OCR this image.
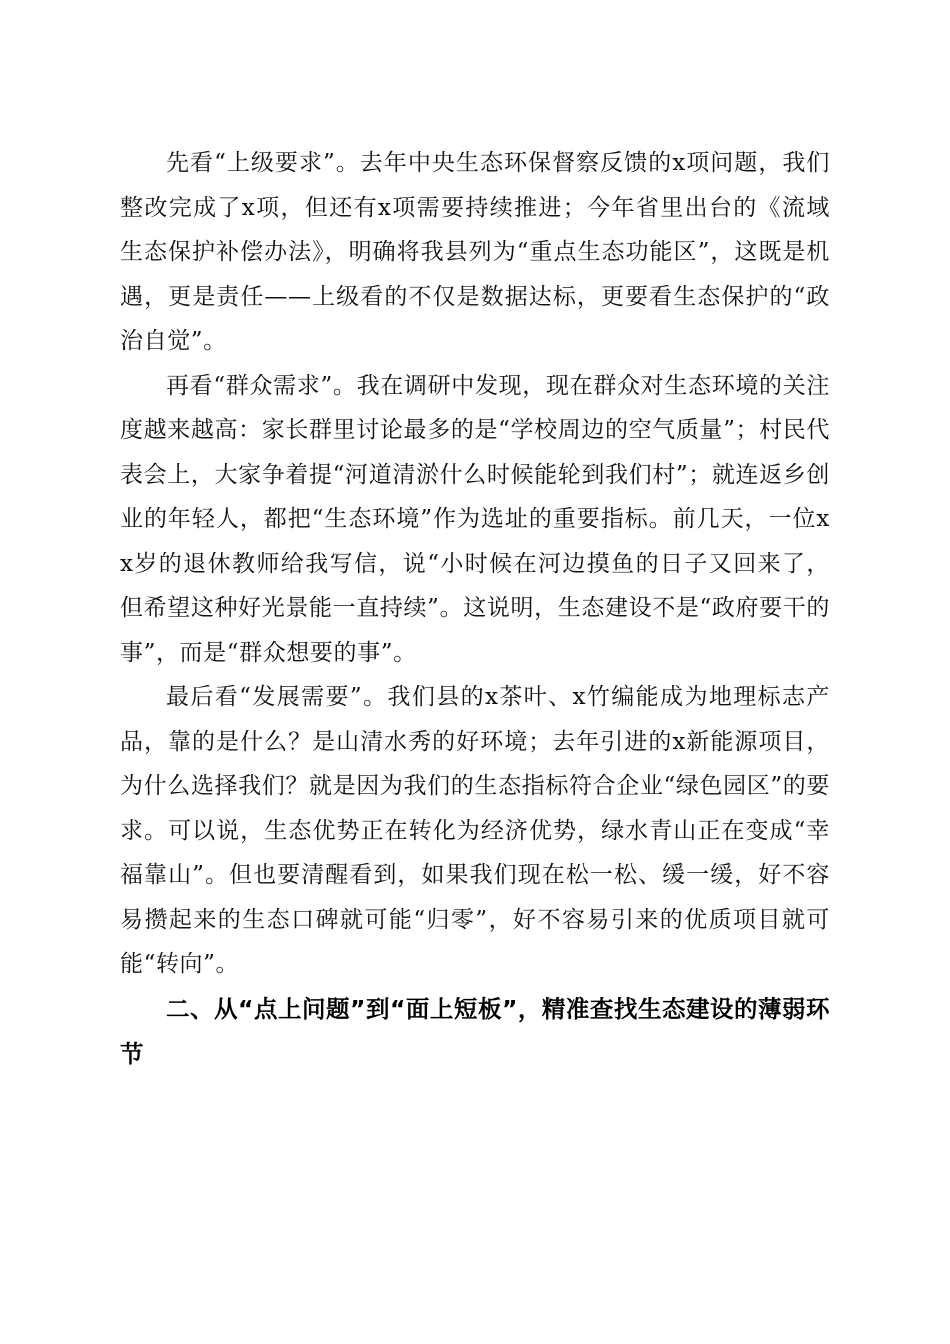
先看“上级要求”。去年中央生态环保督察反馈的x项问题，我们整改完成了x项，但还有x项需要持续推进；今年省里出台的《流域生态保护补偿办法》，明确将我县列为“重点生态功能区”，这既是机遇，更是责任——上级看的不仅是数据达标，更要看生态保护的“政治自觉”。

再看“群众需求”。我在调研中发现，现在群众对生态环境的关注度越来越高：家长群里讨论最多的是“学校周边的空气质量”；村民代表会上，大家争着提“河道清淤什么时候能轮到我们村”；就连返乡创业的年轻人，都把“生态环境”作为选址的重要指标。前几天，一位xx岁的退休教师给我写信，说“小时候在河边摸鱼的日子又回来了，但希望这种好光景能一直持续”。这说明，生态建设不是“政府要干的事”，而是“群众想要的事”。

最后看“发展需要”。我们县的x茶叶、x竹编能成为地理标志产品，靠的是什么？是山清水秀的好环境；去年引进的x新能源项目，为什么选择我们？就是因为我们的生态指标符合企业“绿色园区”的要求。可以说，生态优势正在转化为经济优势，绿水青山正在变成“幸福靠山”。但也要清醒看到，如果我们现在松一松、缓一缓，好不容易攒起来的生态口碑就可能“归零”，好不容易引来的优质项目就可能“转向”。

二、从“点上问题”到“面上短板”，精准查找生态建设的薄弱环节
